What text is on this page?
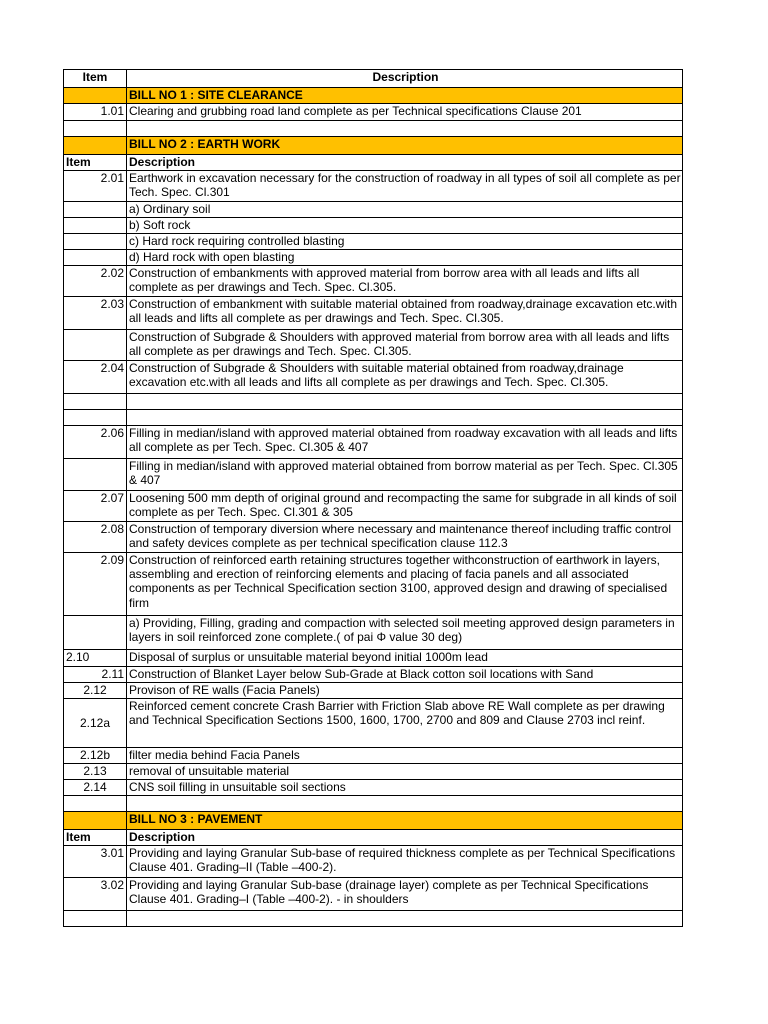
Item	Description
	BILL NO 1 : SITE CLEARANCE
1.01	Clearing and grubbing road land complete as per Technical specifications Clause 201

	BILL NO 2 : EARTH WORK
Item	Description
2.01	Earthwork in excavation necessary for the construction of roadway in all types of soil all complete as per Tech. Spec. Cl.301
	a) Ordinary soil
	b) Soft rock
	c) Hard rock requiring controlled blasting
	d) Hard rock with open blasting
2.02	Construction of embankments with approved material from borrow area with all leads and lifts all complete as per drawings and Tech. Spec. Cl.305.
2.03	Construction of embankment with suitable material obtained from roadway,drainage excavation etc.with all leads and lifts all complete as per drawings and Tech. Spec. Cl.305.
	Construction of Subgrade & Shoulders with approved material from borrow area with all leads and lifts all complete as per drawings and Tech. Spec. Cl.305.
2.04	Construction of Subgrade & Shoulders with suitable material obtained from roadway,drainage excavation etc.with all leads and lifts all complete as per drawings and Tech. Spec. Cl.305.

2.06	Filling in median/island with approved material obtained from roadway excavation with all leads and lifts all complete as per Tech. Spec. Cl.305 & 407
	Filling in median/island with approved material obtained from borrow material as per Tech. Spec. Cl.305 & 407
2.07	Loosening 500 mm depth of original ground and recompacting the same for subgrade in all kinds of soil complete as per Tech. Spec. Cl.301 & 305
2.08	Construction of temporary diversion where necessary and maintenance thereof including traffic control and safety devices complete as per technical specification clause 112.3
2.09	Construction of reinforced earth retaining structures together withconstruction of earthwork in layers, assembling and erection of reinforcing elements and placing of facia panels and all associated components as per Technical Specification section 3100, approved design and drawing of specialised firm
	a) Providing, Filling, grading and compaction with selected soil meeting approved design parameters in layers in soil reinforced zone complete.( of pai Φ value 30 deg)
2.10	Disposal of surplus or unsuitable material beyond initial 1000m lead
2.11	Construction of Blanket Layer below Sub-Grade at Black cotton soil locations with Sand
2.12	Provison of RE walls (Facia Panels)
2.12a	Reinforced cement concrete Crash Barrier with Friction Slab above RE Wall complete as per drawing and Technical Specification Sections 1500, 1600, 1700, 2700 and 809 and Clause 2703 incl reinf.
2.12b	filter media behind Facia Panels
2.13	removal of unsuitable material
2.14	CNS soil filling in unsuitable soil sections

	BILL NO 3 : PAVEMENT
Item	Description
3.01	Providing and laying Granular Sub-base of required thickness complete as per Technical Specifications Clause 401. Grading–II (Table –400-2).
3.02	Providing and laying Granular Sub-base (drainage layer) complete as per Technical Specifications Clause 401. Grading–I (Table –400-2). - in shoulders
